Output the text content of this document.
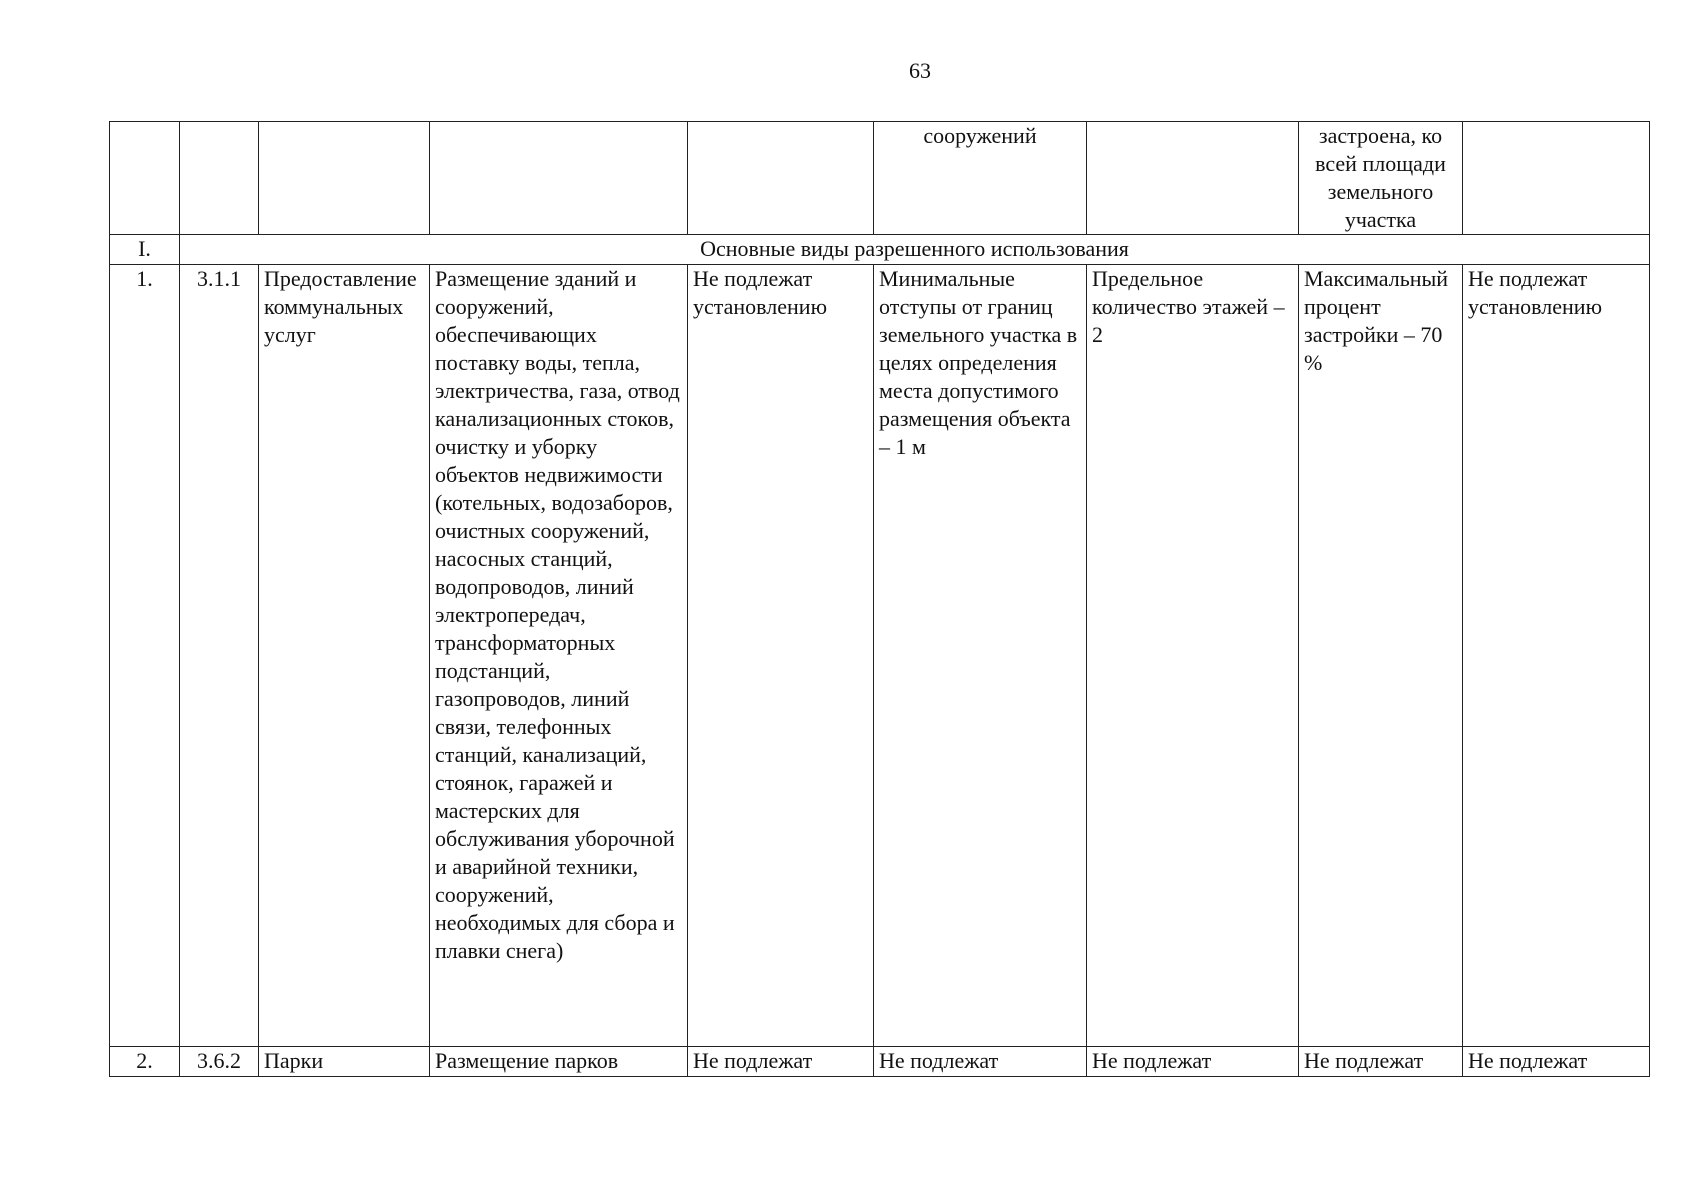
63
					сооружений		застроена, ко всей площади земельного участка	
I.	Основные виды разрешенного использования							
1.	3.1.1	Предоставление коммунальных услуг	Размещение зданий и сооружений, обеспечивающих поставку воды, тепла, электричества, газа, отвод канализационных стоков, очистку и уборку объектов недвижимости (котельных, водозаборов, очистных сооружений, насосных станций, водопроводов, линий электропередач, трансформаторных подстанций, газопроводов, линий связи, телефонных станций, канализаций, стоянок, гаражей и мастерских для обслуживания уборочной и аварийной техники, сооружений, необходимых для сбора и плавки снега)	Не подлежат установлению	Минимальные отступы от границ земельного участка в целях определения места допустимого размещения объекта – 1 м	Предельное количество этажей – 2	Максимальный процент застройки – 70 %	Не подлежат установлению
2.	3.6.2	Парки	Размещение парков	Не подлежат	Не подлежат	Не подлежат	Не подлежат	Не подлежат
